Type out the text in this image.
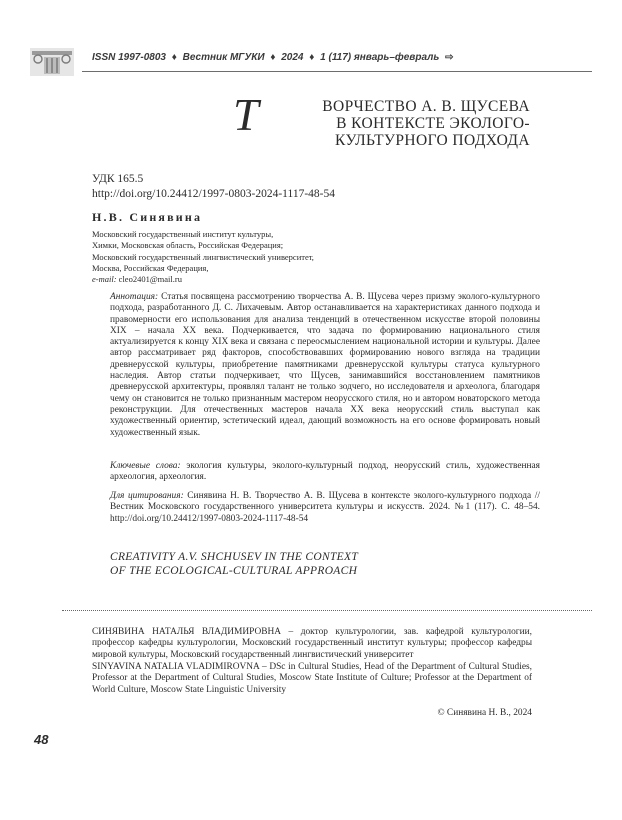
ISSN 1997-0803 ♦ Вестник МГУКИ ♦ 2024 ♦ 1 (117) январь–февраль ⇨
Т	ВОРЧЕСТВО А. В. ЩУСЕВА
В КОНТЕКСТЕ ЭКОЛОГО-
КУЛЬТУРНОГО ПОДХОДА
УДК 165.5
http://doi.org/10.24412/1997-0803-2024-1117-48-54
Н.В. Синявина
Московский государственный институт культуры,
Химки, Московская область, Российская Федерация;
Московский государственный лингвистический университет,
Москва, Российская Федерация,
e-mail: cleo2401@mail.ru
Аннотация: Статья посвящена рассмотрению творчества А. В. Щусева через призму эколого-культурного подхода, разработанного Д. С. Лихачевым. Автор останавливается на характеристиках данного подхода и правомерности его использования для анализа тенденций в отечественном искусстве второй половины XIX – начала XX века. Подчеркивается, что задача по формированию национального стиля актуализируется к концу XIX века и связана с переосмыслением национальной истории и культуры. Далее автор рассматривает ряд факторов, способствовавших формированию нового взгляда на традиции древнерусской культуры, приобретение памятниками древнерусской культуры статуса культурного наследия. Автор статьи подчеркивает, что Щусев, занимавшийся восстановлением памятников древнерусской архитектуры, проявлял талант не только зодчего, но исследователя и археолога, благодаря чему он становится не только признанным мастером неорусского стиля, но и автором новаторского метода реконструкции. Для отечественных мастеров начала XX века неорусский стиль выступал как художественный ориентир, эстетический идеал, дающий возможность на его основе формировать новый художественный язык.
Ключевые слова: экология культуры, эколого-культурный подход, неорусский стиль, художественная археология, археология.
Для цитирования: Синявина Н. В. Творчество А. В. Щусева в контексте эколого-культурного подхода // Вестник Московского государственного университета культуры и искусств. 2024. №1 (117). С. 48–54. http://doi.org/10.24412/1997-0803-2024-1117-48-54
CREATIVITY A.V. SHCHUSEV IN THE CONTEXT
OF THE ECOLOGICAL-CULTURAL APPROACH
СИНЯВИНА НАТАЛЬЯ ВЛАДИМИРОВНА – доктор культурологии, зав. кафедрой культурологии, профессор кафедры культурологии, Московский государственный институт культуры; профессор кафедры мировой культуры, Московский государственный лингвистический университет
SINYAVINA NATALIA VLADIMIROVNA – DSc in Cultural Studies, Head of the Department of Cultural Studies, Professor at the Department of Cultural Studies, Moscow State Institute of Culture; Professor at the Department of World Culture, Moscow State Linguistic University
© Синявина Н. В., 2024
48
